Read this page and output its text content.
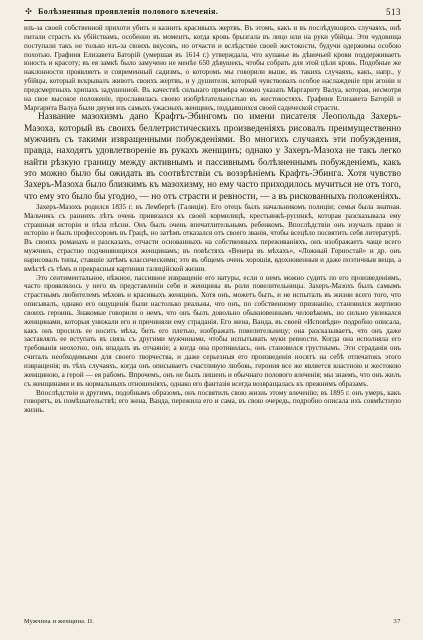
✣ Болѣзненныя проявленія полового влеченія.	513

изъ-за своей собственной прихоти убить и казнить красивыхъ жертвъ. Въ этомъ, какъ и въ послѣдующихъ случаяхъ, онѣ питали страсть къ убійствамъ, особенно въ моментъ, когда кровь брызгала въ лицо или на руки убійцы. Эти чудовища поступали такъ не только изъ-за своихъ вкусовъ, но отчасти и вслѣдствіе своей жестокости, будучи одержимы особою похотью. Графиня Елизавета Баторій (умершая въ 1614 г.) утверждала, что купанье въ дѣвичьей крови поддерживаетъ юность и красоту; въ ея замкѣ было замучено не менѣе 650 дѣвушекъ, чтобы собрать для этой цѣли кровь. Подобные же наклонности проявляетъ и современный садизмъ, о которомъ мы говорили выше, въ такихъ случаяхъ, какъ, напр., у убійцы, который вскрывалъ животъ своихъ жертвъ, и у душителя, который чувствовалъ особое наслажденіе при агоніи и предсмертныхъ хрипахъ задушенной. Въ качествѣ сильнаго примѣра можно указать Маргариту Валуа, которая, несмотря на свое высокое положеніе, прославилась своею изобрѣтательностью въ жестокостяхъ. Графиня Елизавета Баторій и Маргарита Валуа были двумя изъ самыхъ ужасныхъ женщинъ, поддавшихся своей садической страсти.

Название мазохизмъ дано Крафтъ-Эбингомъ по имени писателя Леопольда Захеръ-Мазоха, который въ своихъ беллетристическихъ произведеніяхъ рисовалъ преимущественно мужчинъ съ такими извращенными побужденіями. Во многихъ случаяхъ эти побуждения, правда, находятъ удовлетвореніе въ рукахъ женщинъ; однако у Захеръ-Мазоха не такъ легко найти рѣзкую границу между активнымъ и пассивнымъ болѣзненнымъ побужденіемъ, какъ это можно было бы ожидать въ соотвѣтствіи съ воззрѣніемъ Крафтъ-Эбинга. Хотя чувство Захеръ-Мазоха было близкимъ къ мазохизму, но ему часто приходилось мучиться не отъ того, что ему это было бы угодно, — но отъ страсти и ревности, — а въ рискованныхъ положеніяхъ.

Захеръ-Мазохъ родился 1835 г. въ Лембергѣ (Галиція). Его отецъ былъ начальникомъ полиціи; семья была знатная. Мальчикъ съ раннихъ лѣтъ очень привязался къ своей кормилицѣ, крестьянкѣ-русинкѣ, которая разсказывала ему страшныя исторіи и пѣла пѣсни. Онъ былъ очень впечатлительнымъ ребенкомъ. Впослѣдствіи онъ изучалъ право и исторію и былъ профессоромъ въ Грацѣ, но затѣмъ отказался отъ своего званія, чтобы всецѣло посвятить себя литературѣ. Въ своихъ романахъ и разсказахъ, отчасти основанныхъ на собственныхъ переживаніяхъ, онъ изображаетъ чаще всего мужчинъ, страстно подчиняющихся женщинамъ; въ повѣстяхъ «Венера въ мѣхахъ», «Ложный Горностай» и др. онъ нарисовалъ типы, ставшіе затѣмъ классическими; это въ общемъ очень хорошія, вдохновенныя и даже поэтичныя вещи, а вмѣстѣ съ тѣмъ и прекрасныя картинки галиційской жизни.

Это сентиментальное, нѣжное, пассивное извращеніе его натуры, если о немъ можно судить по его произведеніямъ, часто проявлялось у него въ представленіи себя и женщины въ роли повелительницы. Захеръ-Мазохъ былъ самымъ страстнымъ любителемъ мѣховъ и красивыхъ женщинъ. Хотя онъ, можетъ быть, и не испыталъ въ жизни всего того, что описывалъ, однако его ощущенія были настолько реальны, что онъ, по собственному признанію, становился жертвою своихъ героинь. Знакомые говорили о немъ, что онъ былъ довольно обыкновеннымъ человѣкомъ, но сильно увлекался женщинами, которыя унижали его и причиняли ему страданія. Его жена, Ванда, въ своей «Исповѣди» подробно описала, какъ онъ просилъ ее носить мѣха, бить его плетью, изображать повелительницу; она разсказываетъ, что онъ даже заставлялъ ее вступать въ связь съ другими мужчинами, чтобы испытывать муки ревности. Когда она исполняла его требованія неохотно, онъ впадалъ въ отчаяніе; а когда она противилась, онъ становился грустнымъ. Эти страданія онъ считалъ необходимыми для своего творчества, и даже серьезныя его произведенія носятъ на себѣ отпечатокъ этого извращенія; въ тѣхъ случаяхъ, когда онъ описываетъ счастливую любовь, героиня все же является властною и жестокою женщиною, а герой — ея рабомъ. Впрочемъ, онъ не былъ лишенъ и обычнаго полового влеченія; мы знаемъ, что онъ жилъ съ женщинами и въ нормальныхъ отношеніяхъ, однако его фантазія всегда возвращалась къ прежнимъ образамъ.

Впослѣдствіи и другимъ, подобнымъ образомъ, онъ посвятилъ свою жизнь этому влеченію; въ 1895 г. онъ умеръ, какъ говорятъ, въ помѣшательствѣ; его жена, Ванда, пережила его и сама, въ свою очередь, подробно описала ихъ совмѣстную жизнь.

Мужчина и женщина. II.	37
